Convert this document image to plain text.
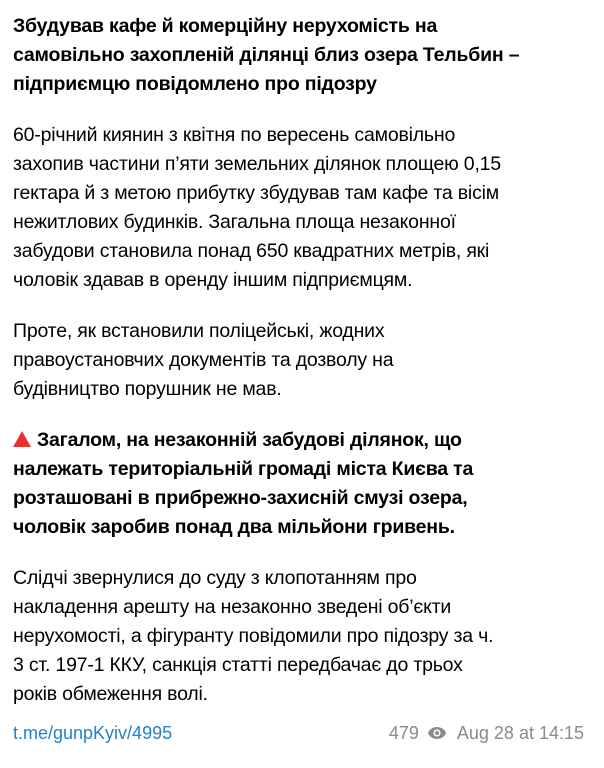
Збудував кафе й комерційну нерухомість на
самовільно захопленій ділянці близ озера Тельбин –
підприємцю повідомлено про підозру
60-річний киянин з квітня по вересень самовільно
захопив частини п’яти земельних ділянок площею 0,15
гектара й з метою прибутку збудував там кафе та вісім
нежитлових будинків. Загальна площа незаконної
забудови становила понад 650 квадратних метрів, які
чоловік здавав в оренду іншим підприємцям.
Проте, як встановили поліцейські, жодних
правоустановчих документів та дозволу на
будівництво порушник не мав.
Загалом, на незаконній забудові ділянок, що
належать територіальній громаді міста Києва та
розташовані в прибрежно-захисній смузі озера,
чоловік заробив понад два мільйони гривень.
Слідчі звернулися до суду з клопотанням про
накладення арешту на незаконно зведені об’єкти
нерухомості, а фігуранту повідомили про підозру за ч.
3 ст. 197-1 ККУ, санкція статті передбачає до трьох
років обмеження волі.
t.me/gunpKyiv/4995	479 Aug 28 at 14:15
